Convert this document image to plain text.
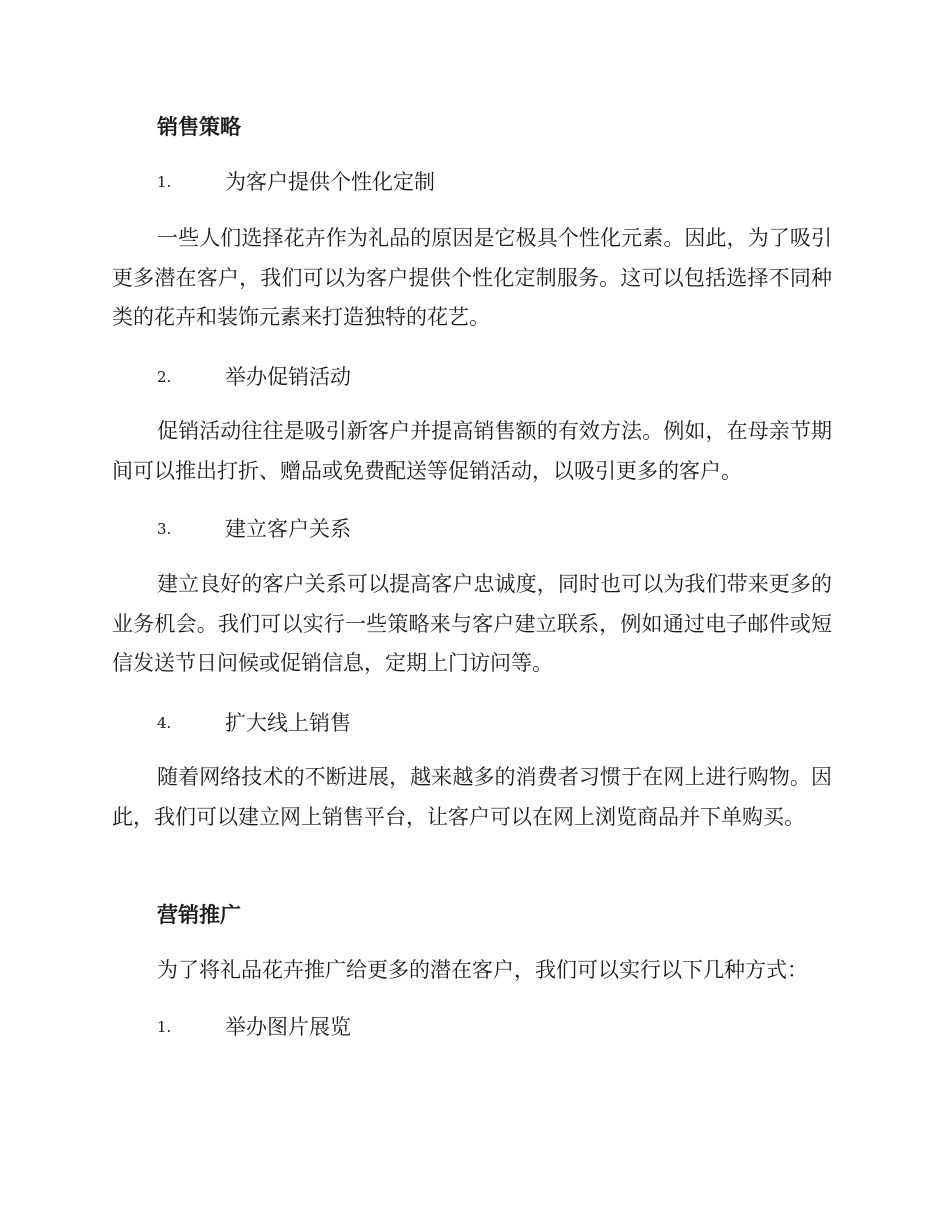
销售策略
1.	为客户提供个性化定制
一些人们选择花卉作为礼品的原因是它极具个性化元素。因此，为了吸引更多潜在客户，我们可以为客户提供个性化定制服务。这可以包括选择不同种类的花卉和装饰元素来打造独特的花艺。
2.	举办促销活动
促销活动往往是吸引新客户并提高销售额的有效方法。例如，在母亲节期间可以推出打折、赠品或免费配送等促销活动，以吸引更多的客户。
3.	建立客户关系
建立良好的客户关系可以提高客户忠诚度，同时也可以为我们带来更多的业务机会。我们可以实行一些策略来与客户建立联系，例如通过电子邮件或短信发送节日问候或促销信息，定期上门访问等。
4.	扩大线上销售
随着网络技术的不断进展，越来越多的消费者习惯于在网上进行购物。因此，我们可以建立网上销售平台，让客户可以在网上浏览商品并下单购买。
营销推广
为了将礼品花卉推广给更多的潜在客户，我们可以实行以下几种方式：
1.	举办图片展览
